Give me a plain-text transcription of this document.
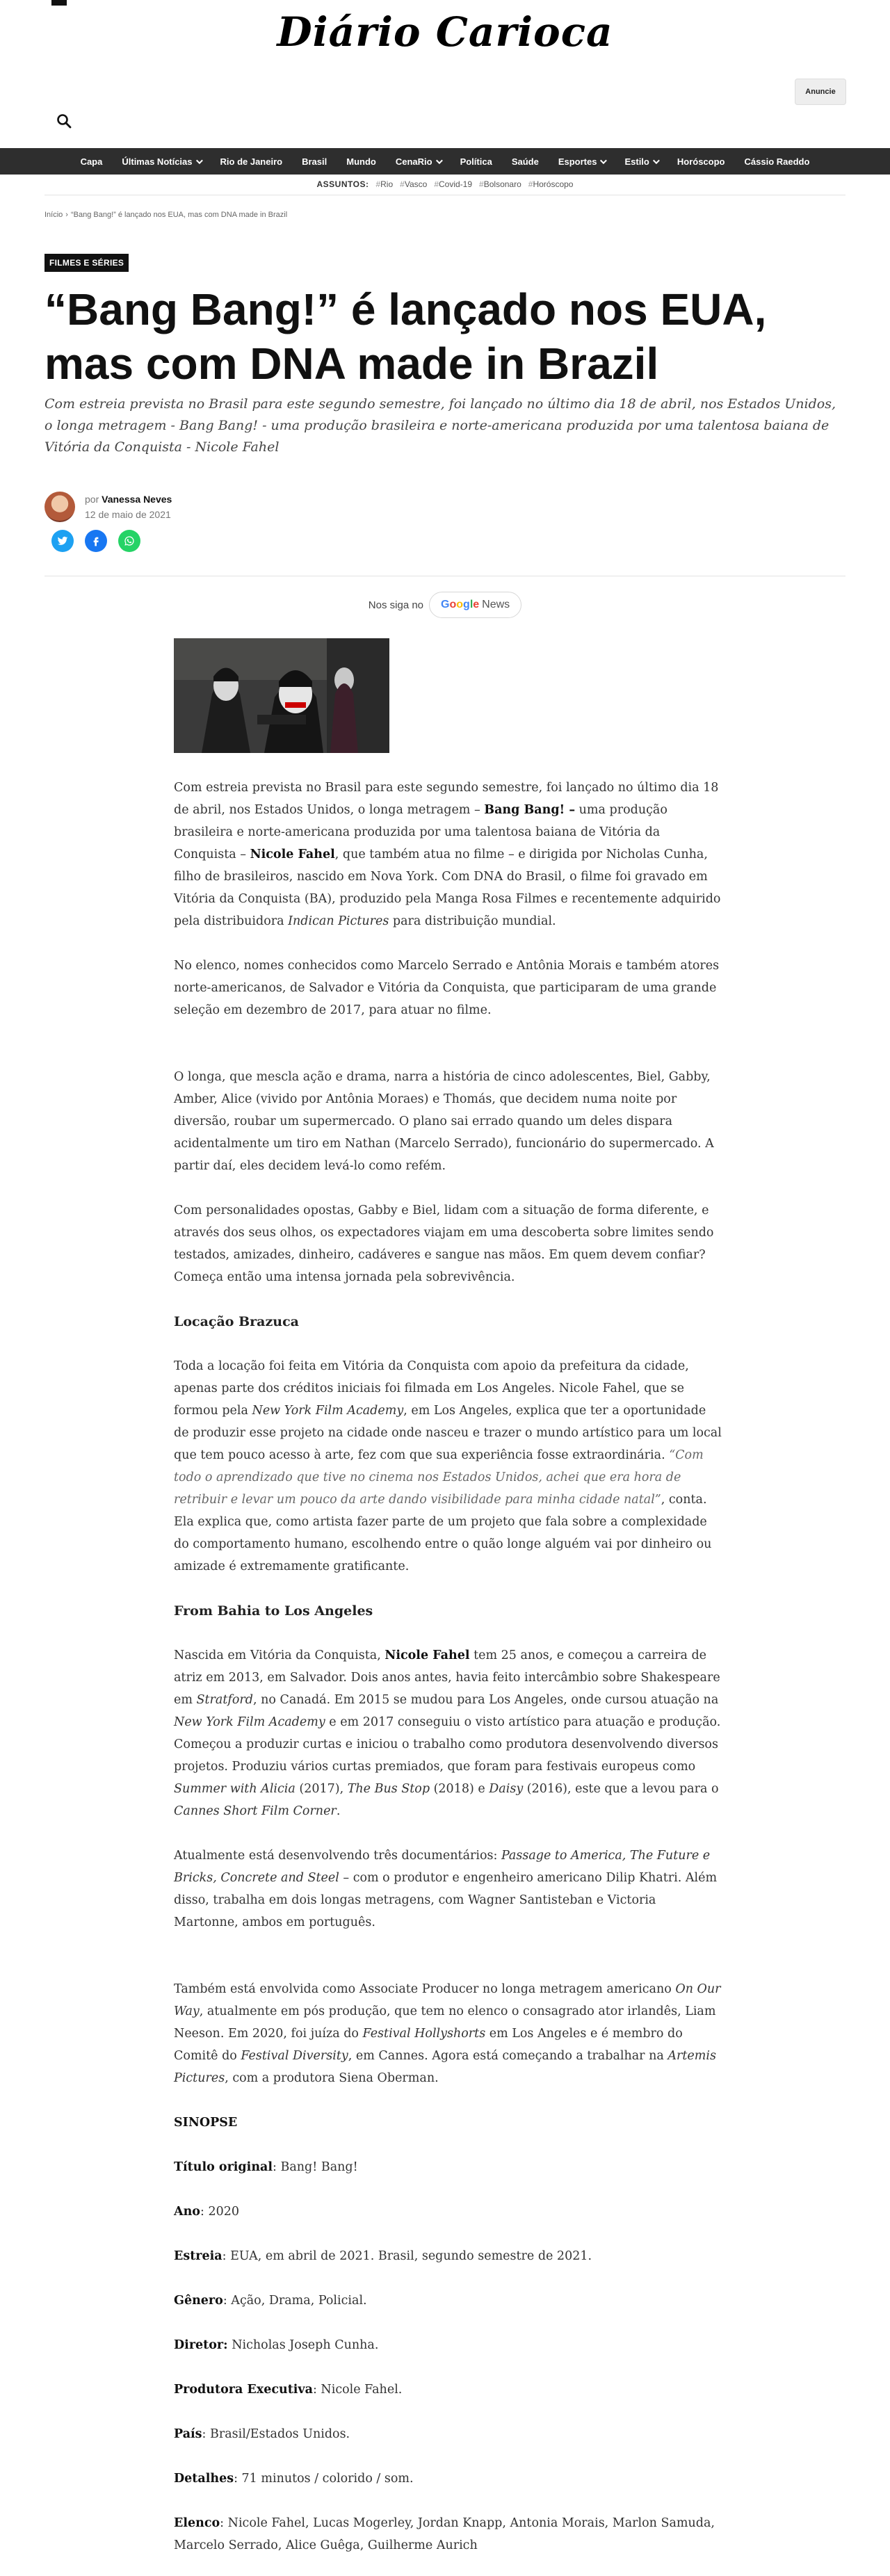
Diário Carioca
Anuncie
Capa Últimas Notícias	Rio de Janeiro Brasil Mundo CenaRio	Política Saúde Esportes	Estilo	Horóscopo Cássio Raeddo
ASSUNTOS:	# Rio	# Vasco	# Covid-19	# Bolsonaro	# Horóscopo
Início › “Bang Bang!” é lançado nos EUA, mas com DNA made in Brazil
FILMES E SÉRIES
“Bang Bang!” é lançado nos EUA, mas com DNA made in Brazil

Com estreia prevista no Brasil para este segundo semestre, foi lançado no último dia 18 de abril, nos Estados Unidos, o longa metragem - Bang Bang! - uma produção brasileira e norte-americana produzida por uma talentosa baiana de Vitória da Conquista - Nicole Fahel

por Vanessa Neves
12 de maio de 2021
Nos siga no Google News

Com estreia prevista no Brasil para este segundo semestre, foi lançado no último dia 18 de abril, nos Estados Unidos, o longa metragem – Bang Bang! – uma produção brasileira e norte-americana produzida por uma talentosa baiana de Vitória da Conquista – Nicole Fahel, que também atua no filme – e dirigida por Nicholas Cunha, filho de brasileiros, nascido em Nova York. Com DNA do Brasil, o filme foi gravado em Vitória da Conquista (BA), produzido pela Manga Rosa Filmes e recentemente adquirido pela distribuidora Indican Pictures para distribuição mundial.

No elenco, nomes conhecidos como Marcelo Serrado e Antônia Morais e também atores norte-americanos, de Salvador e Vitória da Conquista, que participaram de uma grande seleção em dezembro de 2017, para atuar no filme.

O longa, que mescla ação e drama, narra a história de cinco adolescentes, Biel, Gabby, Amber, Alice (vivido por Antônia Moraes) e Thomás, que decidem numa noite por diversão, roubar um supermercado. O plano sai errado quando um deles dispara acidentalmente um tiro em Nathan (Marcelo Serrado), funcionário do supermercado. A partir daí, eles decidem levá-lo como refém.

Com personalidades opostas, Gabby e Biel, lidam com a situação de forma diferente, e através dos seus olhos, os expectadores viajam em uma descoberta sobre limites sendo testados, amizades, dinheiro, cadáveres e sangue nas mãos. Em quem devem confiar? Começa então uma intensa jornada pela sobrevivência.

Locação Brazuca

Toda a locação foi feita em Vitória da Conquista com apoio da prefeitura da cidade, apenas parte dos créditos iniciais foi filmada em Los Angeles. Nicole Fahel, que se formou pela New York Film Academy, em Los Angeles, explica que ter a oportunidade de produzir esse projeto na cidade onde nasceu e trazer o mundo artístico para um local que tem pouco acesso à arte, fez com que sua experiência fosse extraordinária. “Com todo o aprendizado que tive no cinema nos Estados Unidos, achei que era hora de retribuir e levar um pouco da arte dando visibilidade para minha cidade natal”, conta. Ela explica que, como artista fazer parte de um projeto que fala sobre a complexidade do comportamento humano, escolhendo entre o quão longe alguém vai por dinheiro ou amizade é extremamente gratificante.

From Bahia to Los Angeles

Nascida em Vitória da Conquista, Nicole Fahel tem 25 anos, e começou a carreira de atriz em 2013, em Salvador. Dois anos antes, havia feito intercâmbio sobre Shakespeare em Stratford, no Canadá. Em 2015 se mudou para Los Angeles, onde cursou atuação na New York Film Academy e em 2017 conseguiu o visto artístico para atuação e produção. Começou a produzir curtas e iniciou o trabalho como produtora desenvolvendo diversos projetos. Produziu vários curtas premiados, que foram para festivais europeus como Summer with Alicia (2017), The Bus Stop (2018) e Daisy (2016), este que a levou para o Cannes Short Film Corner.

Atualmente está desenvolvendo três documentários: Passage to America, The Future e Bricks, Concrete and Steel – com o produtor e engenheiro americano Dilip Khatri. Além disso, trabalha em dois longas metragens, com Wagner Santisteban e Victoria Martonne, ambos em português.

Também está envolvida como Associate Producer no longa metragem americano On Our Way, atualmente em pós produção, que tem no elenco o consagrado ator irlandês, Liam Neeson. Em 2020, foi juíza do Festival Hollyshorts em Los Angeles e é membro do Comitê do Festival Diversity, em Cannes. Agora está começando a trabalhar na Artemis Pictures, com a produtora Siena Oberman.

SINOPSE

Título original: Bang! Bang!

Ano: 2020

Estreia: EUA, em abril de 2021. Brasil, segundo semestre de 2021.

Gênero: Ação, Drama, Policial.

Diretor: Nicholas Joseph Cunha.

Produtora Executiva: Nicole Fahel.

País: Brasil/Estados Unidos.

Detalhes: 71 minutos / colorido / som.

Elenco: Nicole Fahel, Lucas Mogerley, Jordan Knapp, Antonia Morais, Marlon Samuda, Marcelo Serrado, Alice Guêga, Guilherme Aurich
